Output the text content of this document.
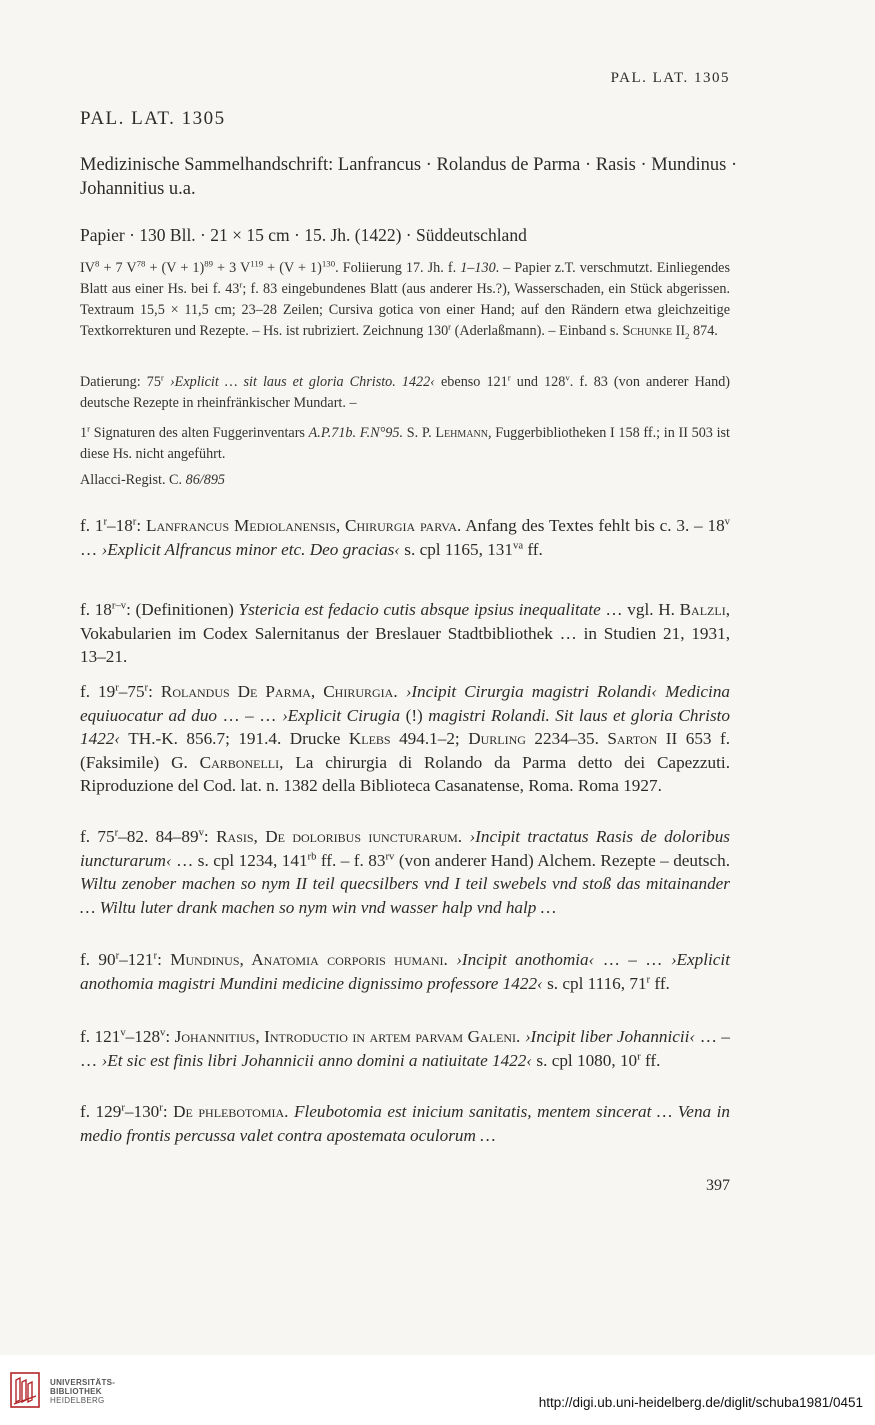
PAL. LAT. 1305
PAL. LAT. 1305
Medizinische Sammelhandschrift: Lanfrancus · Rolandus de Parma · Rasis · Mundinus · Johannitius u.a.
Papier · 130 Bll. · 21 × 15 cm · 15. Jh. (1422) · Süddeutschland
$IV^8 + 7$ $V^{78} + (V + 1)^{89} + 3$ $V^{119} + (V + 1)^{130}$. Foliierung 17. Jh. f. 1–130. – Papier z.T. verschmutzt. Einliegendes Blatt aus einer Hs. bei f. 43$^r$; f. 83 eingebundenes Blatt (aus anderer Hs.?), Wasserschaden, ein Stück abgerissen. Textraum 15,5 × 11,5 cm; 23–28 Zeilen; Cursiva gotica von einer Hand; auf den Rändern etwa gleichzeitige Textkorrekturen und Rezepte. – Hs. ist rubriziert. Zeichnung 130$^r$ (Aderlaßmann). – Einband s. Schunke $II_2$ 874.
Datierung: 75$^r$ ›Explicit … sit laus et gloria Christo. 1422‹ ebenso 121$^r$ und 128$^v$. f. 83 (von anderer Hand) deutsche Rezepte in rheinfränkischer Mundart. –
1$^r$ Signaturen des alten Fuggerinventars A.P.71b. F.N°95. S. P. Lehmann, Fuggerbibliotheken I 158 ff.; in II 503 ist diese Hs. nicht angeführt.
Allacci-Regist. C. 86/895
f. 1$^r$–18$^r$: Lanfrancus Mediolanensis, Chirurgia parva. Anfang des Textes fehlt bis c. 3. – 18$^v$ … ›Explicit Alfrancus minor etc. Deo gracias‹ s. cpl 1165, $131^{va}$ ff.
f. 18$^{r-v}$: (Definitionen) Ystericia est fedacio cutis absque ipsius inequalitate … vgl. H. Balzli, Vokabularien im Codex Salernitanus der Breslauer Stadtbibliothek … in Studien 21, 1931, 13–21.
f. 19$^r$–75$^r$: Rolandus De Parma, Chirurgia. ›Incipit Cirurgia magistri Rolandi‹ Medicina equiuocatur ad duo … – … ›Explicit Cirugia (!) magistri Rolandi. Sit laus et gloria Christo 1422‹ TH.-K. 856.7; 191.4. Drucke Klebs 494.1–2; Durling 2234–35. Sarton II 653 f. (Faksimile) G. Carbonelli, La chirurgia di Rolando da Parma detto dei Capezzuti. Riproduzione del Cod. lat. n. 1382 della Biblioteca Casanatense, Roma. Roma 1927.
f. 75$^r$–82. 84–89$^v$: Rasis, De doloribus iuncturarum. ›Incipit tractatus Rasis de doloribus iuncturarum‹ … s. cpl 1234, $141^{rb}$ ff. – f. $83^{rv}$ (von anderer Hand) Alchem. Rezepte – deutsch. Wiltu zenober machen so nym II teil quecsilbers vnd I teil swebels vnd stoß das mitainander … Wiltu luter drank machen so nym win vnd wasser halp vnd halp …
f. 90$^r$–121$^r$: Mundinus, Anatomia corporis humani. ›Incipit anothomia‹ … – … ›Explicit anothomia magistri Mundini medicine dignissimo professore 1422‹ s. cpl 1116, 71$^r$ ff.
f. 121$^v$–128$^v$: Johannitius, Introductio in artem parvam Galeni. ›Incipit liber Johannicii‹ … – … ›Et sic est finis libri Johannicii anno domini a natiuitate 1422‹ s. cpl 1080, 10$^r$ ff.
f. 129$^r$–130$^r$: De phlebotomia. Fleubotomia est inicium sanitatis, mentem sincerat … Vena in medio frontis percussa valet contra apostemata oculorum …
397
UNIVERSITÄTS-
BIBLIOTHEK
HEIDELBERG	http://digi.ub.uni-heidelberg.de/diglit/schuba1981/0451
